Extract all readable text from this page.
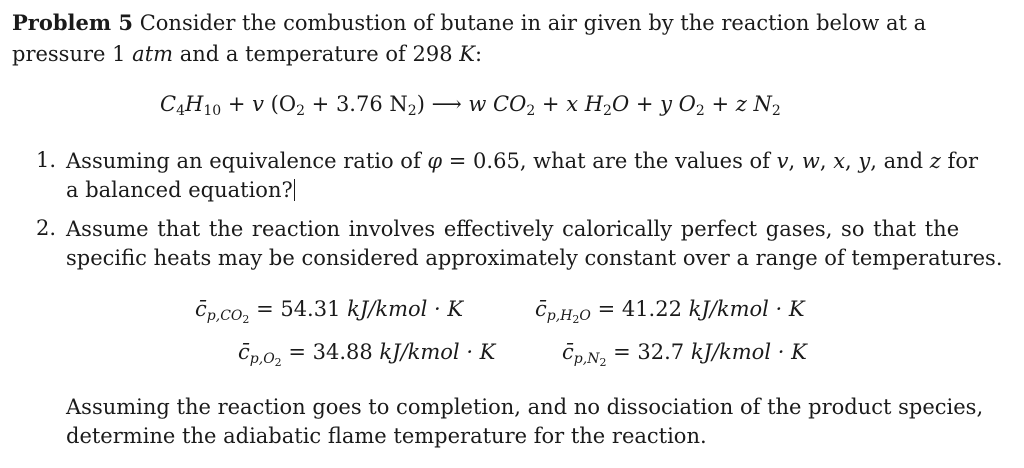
Problem 5 Consider the combustion of butane in air given by the reaction below at a
pressure 1 atm and a temperature of 298 K:
$C_4H_{10} + v$ ($O_2 + 3.76$ $N_2$) ⟶ w $CO_2 + x$ $H_2O + y$ $O_2 + z$ $N_2$
1. Assuming an equivalence ratio of φ = 0.65, what are the values of v, w, x, y, and z for
a balanced equation?
2. Assume that the reaction involves effectively calorically perfect gases, so that the
specific heats may be considered approximately constant over a range of temperatures.
$c̄_{p,CO_2} = 54.31$ kJ/kmol · K	$c̄_{p,H_2O} = 41.22$ kJ/kmol · K
$c̄_{p,O_2} = 34.88$ kJ/kmol · K	$c̄_{p,N_2} = 32.7$ kJ/kmol · K
Assuming the reaction goes to completion, and no dissociation of the product species,
determine the adiabatic flame temperature for the reaction.
